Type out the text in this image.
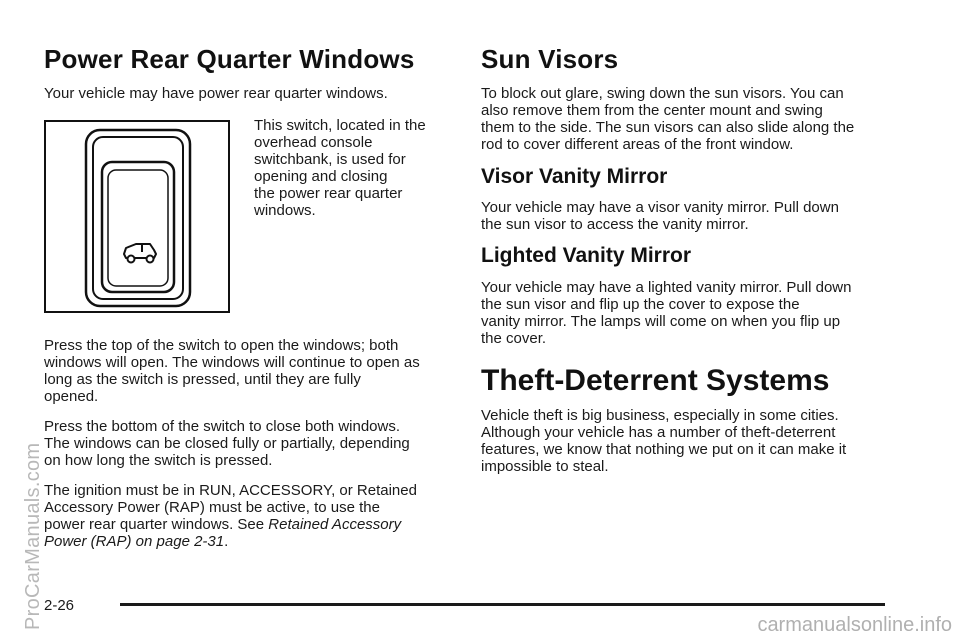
Power Rear Quarter Windows

Your vehicle may have power rear quarter windows.

This switch, located in the

overhead console

switchbank, is used for

opening and closing

the power rear quarter

windows.

Press the top of the switch to open the windows; both

windows will open. The windows will continue to open as

long as the switch is pressed, until they are fully

opened.

Press the bottom of the switch to close both windows.

The windows can be closed fully or partially, depending

on how long the switch is pressed.

The ignition must be in RUN, ACCESSORY, or Retained

Accessory Power (RAP) must be active, to use the

power rear quarter windows. See Retained Accessory

Power (RAP) on page 2-31.

Sun Visors

To block out glare, swing down the sun visors. You can

also remove them from the center mount and swing

them to the side. The sun visors can also slide along the

rod to cover different areas of the front window.

Visor Vanity Mirror

Your vehicle may have a visor vanity mirror. Pull down

the sun visor to access the vanity mirror.

Lighted Vanity Mirror

Your vehicle may have a lighted vanity mirror. Pull down

the sun visor and flip up the cover to expose the

vanity mirror. The lamps will come on when you flip up

the cover.

Theft-Deterrent Systems

Vehicle theft is big business, especially in some cities.

Although your vehicle has a number of theft-deterrent

features, we know that nothing we put on it can make it

impossible to steal.

2-26
ProCarManuals.com	carmanualsonline.info
